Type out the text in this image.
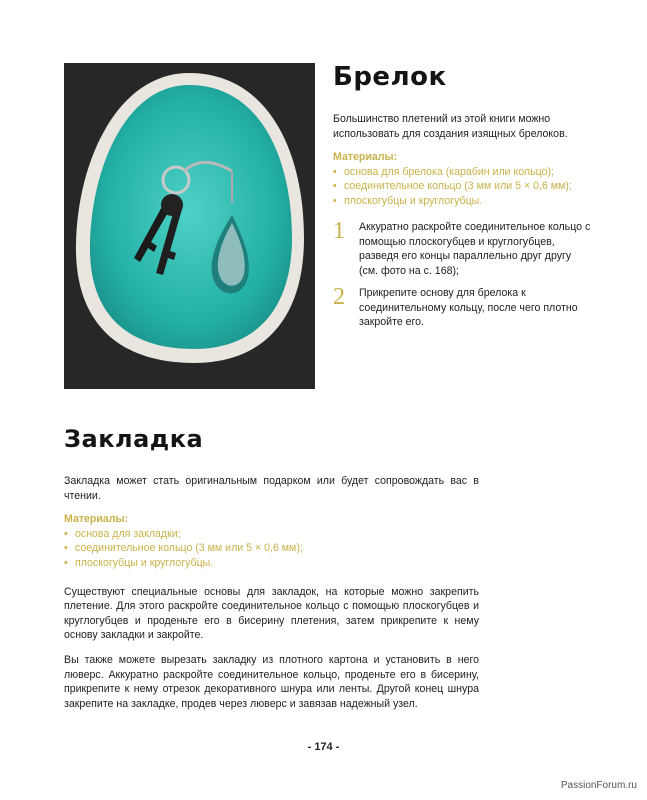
Брелок

Большинство плетений из этой книги можно использовать для создания изящных брелоков.

Материалы:

• основа для брелока (карабин или кольцо);
• соединительное кольцо (3 мм или 5 × 0,6 мм);
• плоскогубцы и круглогубцы.
1 Аккуратно раскройте соединительное кольцо с помощью плоскогубцев и круглогубцев, разведя его концы параллельно друг другу (см. фото на с. 168);

2 Прикрепите основу для брелока к соединительному кольцу, после чего плотно закройте его.

Закладка

Закладка может стать оригинальным подарком или будет сопровождать вас в чтении.

Материалы:

• основа для закладки;
• соединительное кольцо (3 мм или 5 × 0,6 мм);
• плоскогубцы и круглогубцы.

Существуют специальные основы для закладок, на которые можно закрепить плетение. Для этого раскройте соединительное кольцо с помощью плоскогубцев и круглогубцев и проденьте его в бисерину плетения, затем прикрепите к нему основу закладки и закройте.

Вы также можете вырезать закладку из плотного картона и установить в него люверс. Аккуратно раскройте соединительное кольцо, проденьте его в бисерину, прикрепите к нему отрезок декоративного шнура или ленты. Другой конец шнура закрепите на закладке, продев через люверс и завязав надежный узел.

- 174 -
PassionForum.ru
